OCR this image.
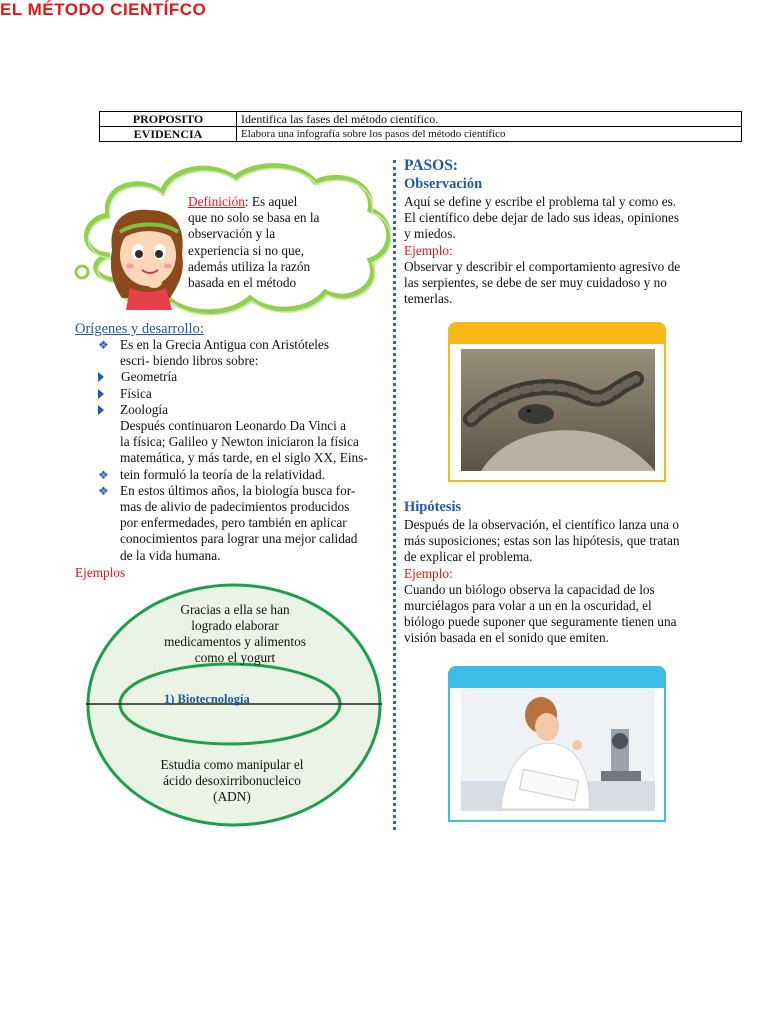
EL MÉTODO CIENTÍFCO
PROPOSITO	Identifica las fases del método científico.
EVIDENCIA	Elabora una infografía sobre los pasos del método científico
Definición: Es aquel
que no solo se basa en la
observación y la
experiencia si no que,
además utiliza la razón
basada en el método
Orígenes y desarrollo:
❖ Es en la Grecia Antigua con Aristóteles
escri- biendo libros sobre:
Geometría
Física
Zoología
Después continuaron Leonardo Da Vinci a
la física; Galileo y Newton iniciaron la física
matemática, y más tarde, en el siglo XX, Eins-
tein formuló la teoría de la relatividad.
❖
❖ En estos últimos años, la biología busca for-
mas de alivio de padecimientos producidos
por enfermedades, pero también en aplicar
conocimientos para lograr una mejor calidad
de la vida humana.
Ejemplos
Gracias a ella se han
logrado elaborar
medicamentos y alimentos
como el yogurt
1) Biotecnología
Estudia como manipular el
ácido desoxirribonucleico
(ADN)
PASOS:
Observación
Aquí se define y escribe el problema tal y como es.
El científico debe dejar de lado sus ideas, opiniones
y miedos.
Ejemplo:
Observar y describir el comportamiento agresivo de
las serpientes, se debe de ser muy cuidadoso y no
temerlas.
Hipótesis
Después de la observación, el científico lanza una o
más suposiciones; estas son las hipótesis, que tratan
de explicar el problema.
Ejemplo:
Cuando un biólogo observa la capacidad de los
murciélagos para volar a un en la oscuridad, el
biólogo puede suponer que seguramente tienen una
visión basada en el sonido que emiten.
